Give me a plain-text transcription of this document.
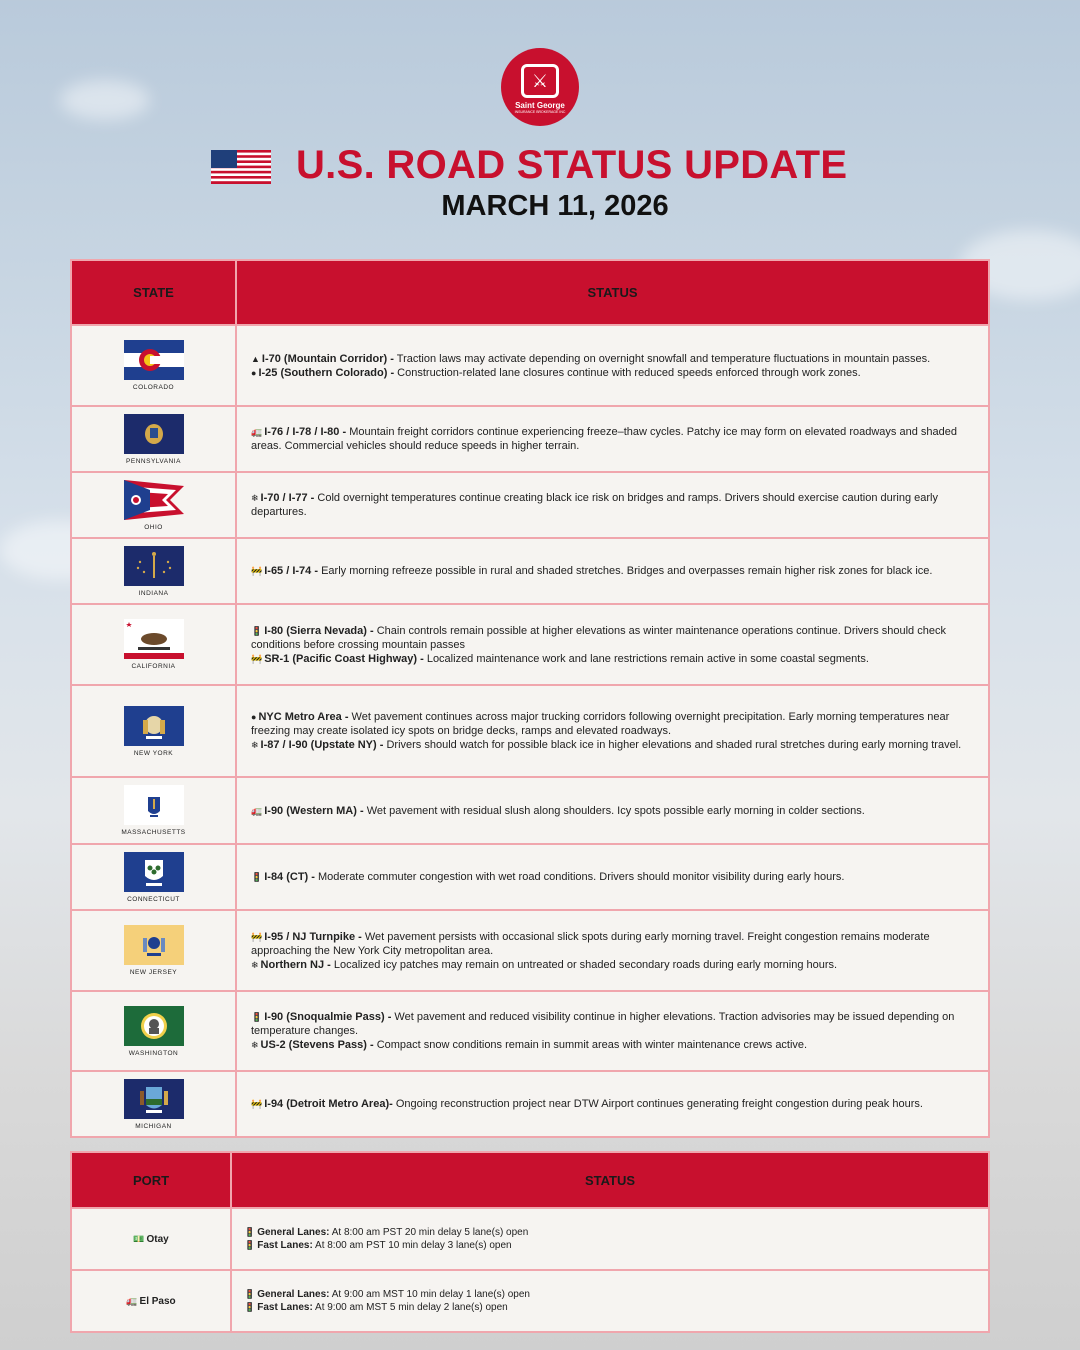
⚔
Saint George
INSURANCE BROKERAGE INC
U.S. ROAD STATUS UPDATE
MARCH 11, 2026
STATE	STATUS

COLORADO	▲ I-70 (Mountain Corridor) - Traction laws may activate depending on overnight snowfall and temperature fluctuations in mountain passes.
● I-25 (Southern Colorado) - Construction-related lane closures continue with reduced speeds enforced through work zones.

PENNSYLVANIA	🚛 I-76 / I-78 / I-80 - Mountain freight corridors continue experiencing freeze–thaw cycles. Patchy ice may form on elevated roadways and shaded areas. Commercial vehicles should reduce speeds in higher terrain.

OHIO	❄ I-70 / I-77 - Cold overnight temperatures continue creating black ice risk on bridges and ramps. Drivers should exercise caution during early departures.

INDIANA	🚧 I-65 / I-74 - Early morning refreeze possible in rural and shaded stretches. Bridges and overpasses remain higher risk zones for black ice.

CALIFORNIA	🚦 I-80 (Sierra Nevada) - Chain controls remain possible at higher elevations as winter maintenance operations continue. Drivers should check conditions before crossing mountain passes
🚧 SR-1 (Pacific Coast Highway) - Localized maintenance work and lane restrictions remain active in some coastal segments.

NEW YORK	● NYC Metro Area - Wet pavement continues across major trucking corridors following overnight precipitation. Early morning temperatures near freezing may create isolated icy spots on bridge decks, ramps and elevated roadways.
❄ I-87 / I-90 (Upstate NY) - Drivers should watch for possible black ice in higher elevations and shaded rural stretches during early morning travel.

MASSACHUSETTS	🚛 I-90 (Western MA) - Wet pavement with residual slush along shoulders. Icy spots possible early morning in colder sections.

CONNECTICUT	🚦 I-84 (CT) - Moderate commuter congestion with wet road conditions. Drivers should monitor visibility during early hours.

NEW JERSEY	🚧 I-95 / NJ Turnpike - Wet pavement persists with occasional slick spots during early morning travel. Freight congestion remains moderate approaching the New York City metropolitan area.
❄ Northern NJ - Localized icy patches may remain on untreated or shaded secondary roads during early morning hours.

WASHINGTON	🚦 I-90 (Snoqualmie Pass) - Wet pavement and reduced visibility continue in higher elevations. Traction advisories may be issued depending on temperature changes.
❄ US-2 (Stevens Pass) - Compact snow conditions remain in summit areas with winter maintenance crews active.

MICHIGAN	🚧 I-94 (Detroit Metro Area)- Ongoing reconstruction project near DTW Airport continues generating freight congestion during peak hours.
PORT	STATUS
💵 Otay	🚦 General Lanes: At 8:00 am PST 20 min delay 5 lane(s) open
🚦 Fast Lanes: At 8:00 am PST 10 min delay 3 lane(s) open

🚛 El Paso	🚦 General Lanes: At 9:00 am MST 10 min delay 1 lane(s) open
🚦 Fast Lanes: At 9:00 am MST 5 min delay 2 lane(s) open
